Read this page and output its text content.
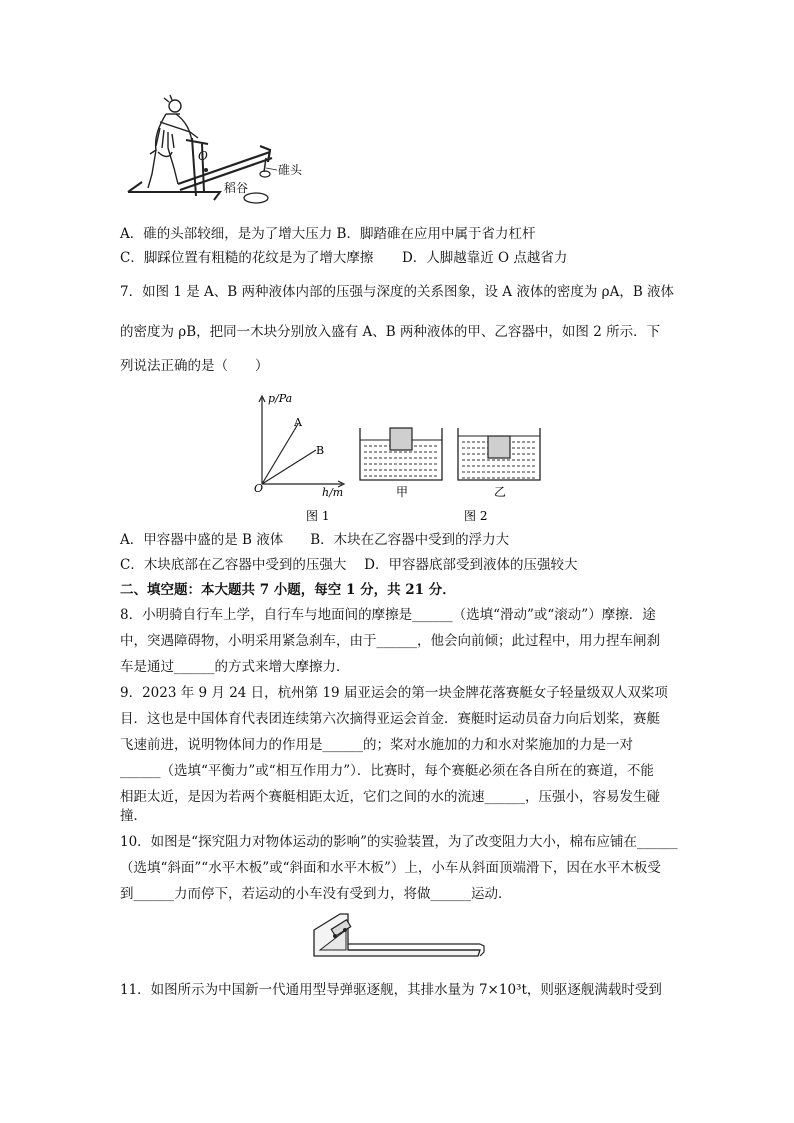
O
碓头
稻谷
A．碓的头部较细，是为了增大压力 B．脚踏碓在应用中属于省力杠杆
C．脚踩位置有粗糙的花纹是为了增大摩擦 D．人脚越靠近 O 点越省力
7．如图 1 是 A、B 两种液体内部的压强与深度的关系图象，设 A 液体的密度为 ρA，B 液体
的密度为 ρB，把同一木块分别放入盛有 A、B 两种液体的甲、乙容器中，如图 2 所示．下
列说法正确的是（　　）
p/Pa
h/m
O
A
B
甲	乙
图 1	图 2
A．甲容器中盛的是 B 液体　　B．木块在乙容器中受到的浮力大
C．木块底部在乙容器中受到的压强大　 D．甲容器底部受到液体的压强较大
二、填空题：本大题共 7 小题，每空 1 分，共 21 分．
8．小明骑自行车上学，自行车与地面间的摩擦是______（选填“滑动”或“滚动”）摩擦．途
中，突遇障碍物，小明采用紧急刹车，由于______，他会向前倾；此过程中，用力捏车闸刹
车是通过______的方式来增大摩擦力．
9．2023 年 9 月 24 日，杭州第 19 届亚运会的第一块金牌花落赛艇女子轻量级双人双桨项
目．这也是中国体育代表团连续第六次摘得亚运会首金．赛艇时运动员奋力向后划桨，赛艇
飞速前进，说明物体间力的作用是______的；桨对水施加的力和水对桨施加的力是一对
______（选填“平衡力”或“相互作用力”）．比赛时，每个赛艇必须在各自所在的赛道，不能
相距太近，是因为若两个赛艇相距太近，它们之间的水的流速______，压强小，容易发生碰
撞．
10．如图是“探究阻力对物体运动的影响”的实验装置，为了改变阻力大小，棉布应铺在______
（选填“斜面”“水平木板”或“斜面和水平木板”）上，小车从斜面顶端滑下，因在水平木板受
到______力而停下，若运动的小车没有受到力，将做______运动．
11．如图所示为中国新一代通用型导弹驱逐舰，其排水量为 7×10³t，则驱逐舰满载时受到
